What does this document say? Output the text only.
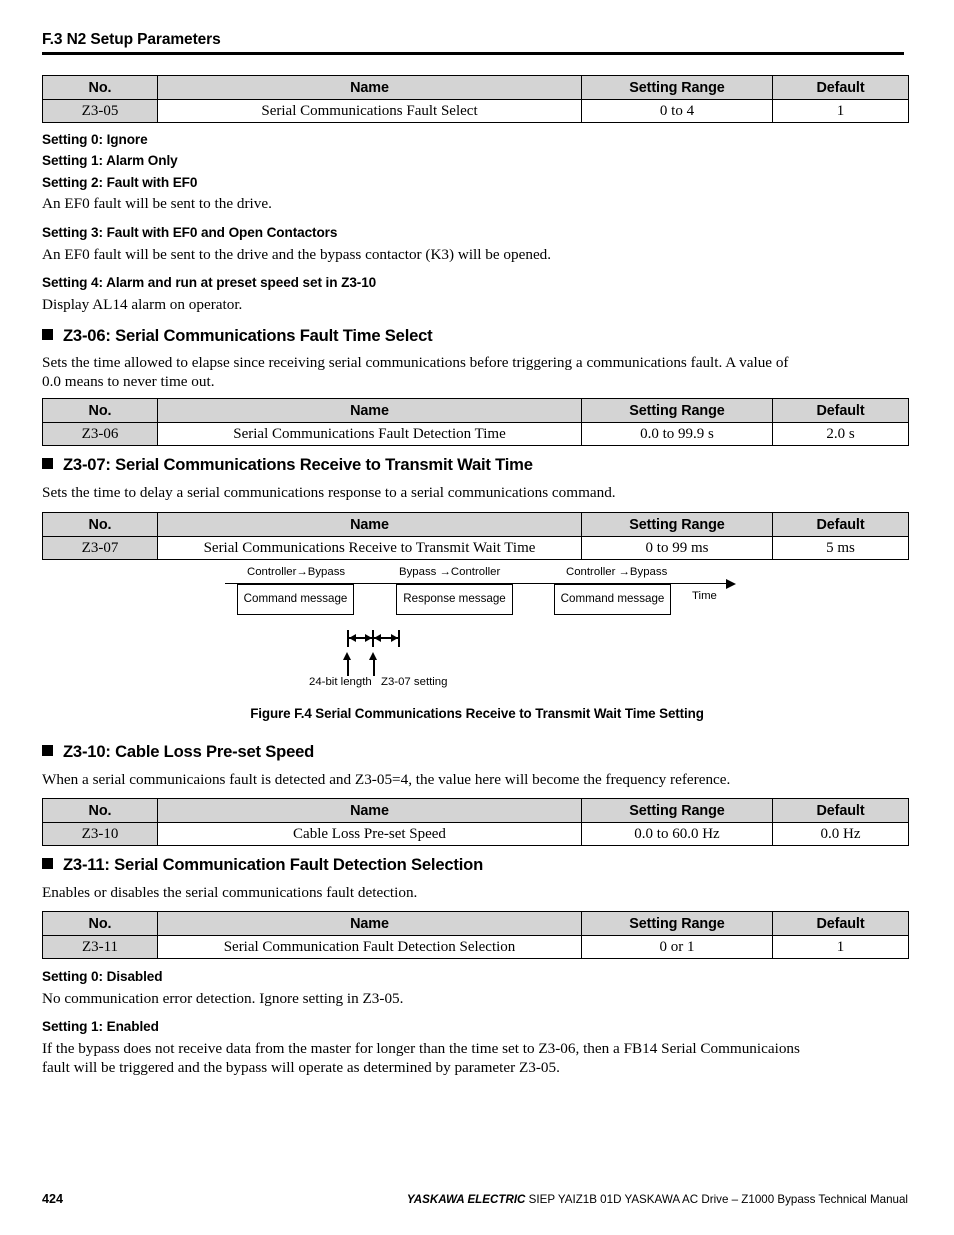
F.3 N2 Setup Parameters
No.	Name	Setting Range	Default
Z3-05	Serial Communications Fault Select	0 to 4	1
Setting 0: Ignore
Setting 1: Alarm Only
Setting 2: Fault with EF0
An EF0 fault will be sent to the drive.
Setting 3: Fault with EF0 and Open Contactors
An EF0 fault will be sent to the drive and the bypass contactor (K3) will be opened.
Setting 4: Alarm and run at preset speed set in Z3-10
Display AL14 alarm on operator.
Z3-06: Serial Communications Fault Time Select
Sets the time allowed to elapse since receiving serial communications before triggering a communications fault. A value of
0.0 means to never time out.
No.	Name	Setting Range	Default
Z3-06	Serial Communications Fault Detection Time	0.0 to 99.9 s	2.0 s
Z3-07: Serial Communications Receive to Transmit Wait Time
Sets the time to delay a serial communications response to a serial communications command.
No.	Name	Setting Range	Default
Z3-07	Serial Communications Receive to Transmit Wait Time	0 to 99 ms	5 ms
Controller→Bypass	Bypass →Controller	Controller →Bypass
Time
Command message	Response message	Command message
24-bit length Z3-07 setting
Figure F.4 Serial Communications Receive to Transmit Wait Time Setting
Z3-10: Cable Loss Pre-set Speed
When a serial communicaions fault is detected and Z3-05=4, the value here will become the frequency reference.
No.	Name	Setting Range	Default
Z3-10	Cable Loss Pre-set Speed	0.0 to 60.0 Hz	0.0 Hz
Z3-11: Serial Communication Fault Detection Selection
Enables or disables the serial communications fault detection.
No.	Name	Setting Range	Default
Z3-11	Serial Communication Fault Detection Selection	0 or 1	1
Setting 0: Disabled
No communication error detection. Ignore setting in Z3-05.
Setting 1: Enabled
If the bypass does not receive data from the master for longer than the time set to Z3-06, then a FB14 Serial Communicaions
fault will be triggered and the bypass will operate as determined by parameter Z3-05.
424	YASKAWA ELECTRIC SIEP YAIZ1B 01D YASKAWA AC Drive – Z1000 Bypass Technical Manual
